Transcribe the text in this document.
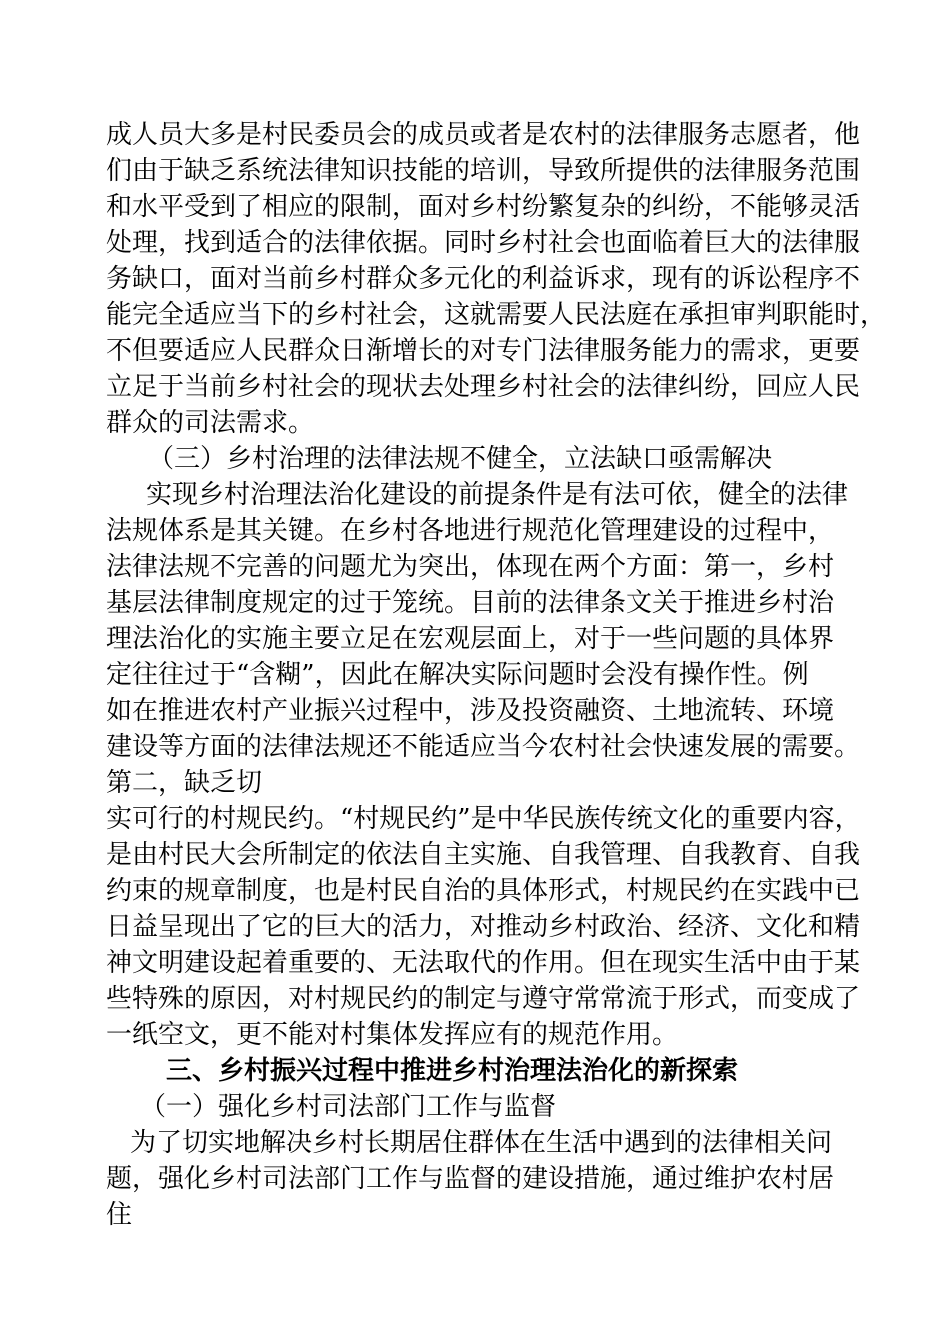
成人员大多是村民委员会的成员或者是农村的法律服务志愿者，他
们由于缺乏系统法律知识技能的培训，导致所提供的法律服务范围
和水平受到了相应的限制，面对乡村纷繁复杂的纠纷，不能够灵活
处理，找到适合的法律依据。同时乡村社会也面临着巨大的法律服
务缺口，面对当前乡村群众多元化的利益诉求，现有的诉讼程序不
能完全适应当下的乡村社会，这就需要人民法庭在承担审判职能时，
不但要适应人民群众日渐增长的对专门法律服务能力的需求，更要
立足于当前乡村社会的现状去处理乡村社会的法律纠纷，回应人民
群众的司法需求。
（三）乡村治理的法律法规不健全，立法缺口亟需解决
实现乡村治理法治化建设的前提条件是有法可依，健全的法律
法规体系是其关键。在乡村各地进行规范化管理建设的过程中，
法律法规不完善的问题尤为突出，体现在两个方面：第一，乡村
基层法律制度规定的过于笼统。目前的法律条文关于推进乡村治
理法治化的实施主要立足在宏观层面上，对于一些问题的具体界
定往往过于“含糊”，因此在解决实际问题时会没有操作性。例
如在推进农村产业振兴过程中，涉及投资融资、土地流转、环境
建设等方面的法律法规还不能适应当今农村社会快速发展的需要。
第二，缺乏切
实可行的村规民约。“村规民约”是中华民族传统文化的重要内容，
是由村民大会所制定的依法自主实施、自我管理、自我教育、自我
约束的规章制度，也是村民自治的具体形式，村规民约在实践中已
日益呈现出了它的巨大的活力，对推动乡村政治、经济、文化和精
神文明建设起着重要的、无法取代的作用。但在现实生活中由于某
些特殊的原因，对村规民约的制定与遵守常常流于形式，而变成了
一纸空文，更不能对村集体发挥应有的规范作用。
三、乡村振兴过程中推进乡村治理法治化的新探索
（一）强化乡村司法部门工作与监督
为了切实地解决乡村长期居住群体在生活中遇到的法律相关问
题，强化乡村司法部门工作与监督的建设措施，通过维护农村居
住
